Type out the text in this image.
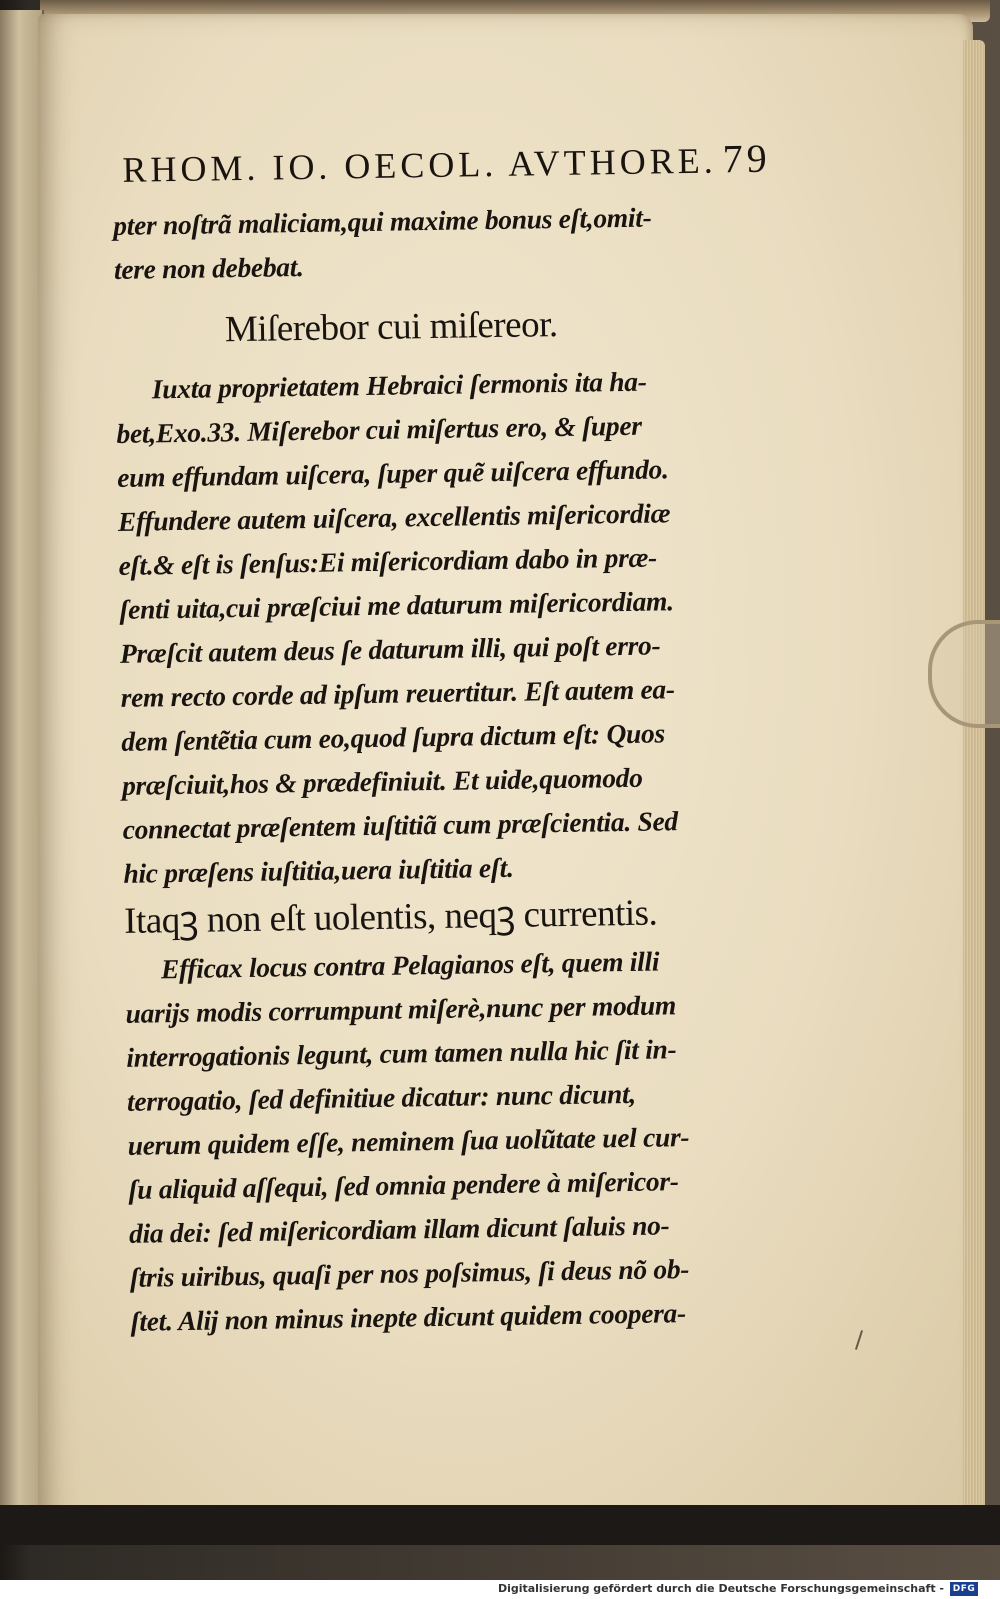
RHOM. IO. OECOL. AVTHORE. 79
pter noſtrã maliciam,qui maxime bonus eſt,omit-
tere non debebat.
Miſerebor cui miſereor.
Iuxta proprietatem Hebraici ſermonis ita ha-
bet,Exo.33. Miſerebor cui miſertus ero, & ſuper
eum effundam uiſcera, ſuper quẽ uiſcera effundo.
Effundere autem uiſcera, excellentis miſericordiæ
eſt.& eſt is ſenſus:Ei miſericordiam dabo in præ-
ſenti uita,cui præſciui me daturum miſericordiam.
Præſcit autem deus ſe daturum illi, qui poſt erro-
rem recto corde ad ipſum reuertitur. Eſt autem ea-
dem ſentẽtia cum eo,quod ſupra dictum eſt: Quos
præſciuit,hos & prædefiniuit. Et uide,quomodo
connectat præſentem iuſtitiã cum præſcientia. Sed
hic præſens iuſtitia,uera iuſtitia eſt.
Itaqꝫ non eſt uolentis, neqꝫ currentis.
Efficax locus contra Pelagianos eſt, quem illi
uarijs modis corrumpunt miſerè,nunc per modum
interrogationis legunt, cum tamen nulla hic ſit in-
terrogatio, ſed definitiue dicatur: nunc dicunt,
uerum quidem eſſe, neminem ſua uolũtate uel cur-
ſu aliquid aſſequi, ſed omnia pendere à miſericor-
dia dei: ſed miſericordiam illam dicunt ſaluis no-
ſtris uiribus, quaſi per nos poſsimus, ſi deus nõ ob-
ſtet. Alij non minus inepte dicunt quidem coopera-
Digitalisierung gefördert durch die Deutsche Forschungsgemeinschaft - DFG
